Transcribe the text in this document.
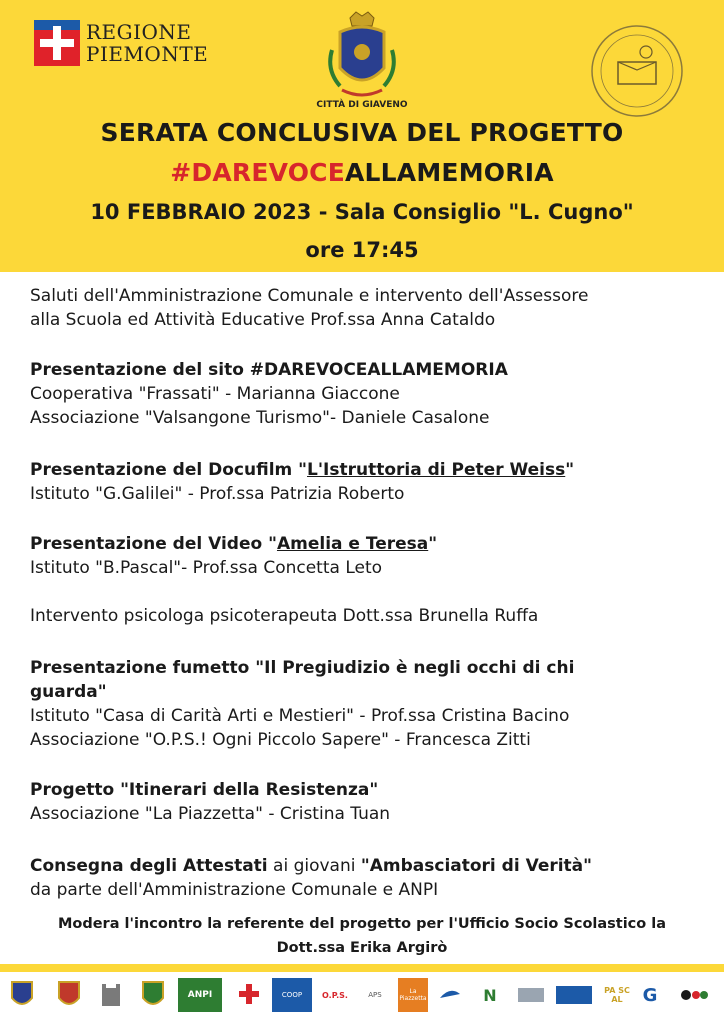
REGIONE
PIEMONTE
CITTÀ DI GIAVENO
SERATA CONCLUSIVA DEL PROGETTO
#DAREVOCEALLAMEMORIA
10 FEBBRAIO 2023 - Sala Consiglio "L. Cugno"
ore 17:45
Saluti dell'Amministrazione Comunale e intervento dell'Assessore
alla Scuola ed Attività Educative Prof.ssa Anna Cataldo
Presentazione del sito #DAREVOCEALLAMEMORIA
Cooperativa "Frassati" - Marianna Giaccone
Associazione "Valsangone Turismo"- Daniele Casalone
Presentazione del Docufilm "L'Istruttoria di Peter Weiss"
Istituto "G.Galilei" - Prof.ssa Patrizia Roberto
Presentazione del Video "Amelia e Teresa"
Istituto "B.Pascal"- Prof.ssa Concetta Leto
Intervento psicologa psicoterapeuta Dott.ssa Brunella Ruffa
Presentazione fumetto "Il Pregiudizio è negli occhi di chi
guarda"
Istituto "Casa di Carità Arti e Mestieri" - Prof.ssa Cristina Bacino
Associazione "O.P.S.! Ogni Piccolo Sapere" - Francesca Zitti
Progetto "Itinerari della Resistenza"
Associazione "La Piazzetta" - Cristina Tuan
Consegna degli Attestati ai giovani "Ambasciatori di Verità"
da parte dell'Amministrazione Comunale e ANPI
Modera l'incontro la referente del progetto per l'Ufficio Socio Scolastico la
Dott.ssa Erika Argirò
ANPI	COOP	O.P.S.	APS	La Piazzetta	N	PA SC AL	G
